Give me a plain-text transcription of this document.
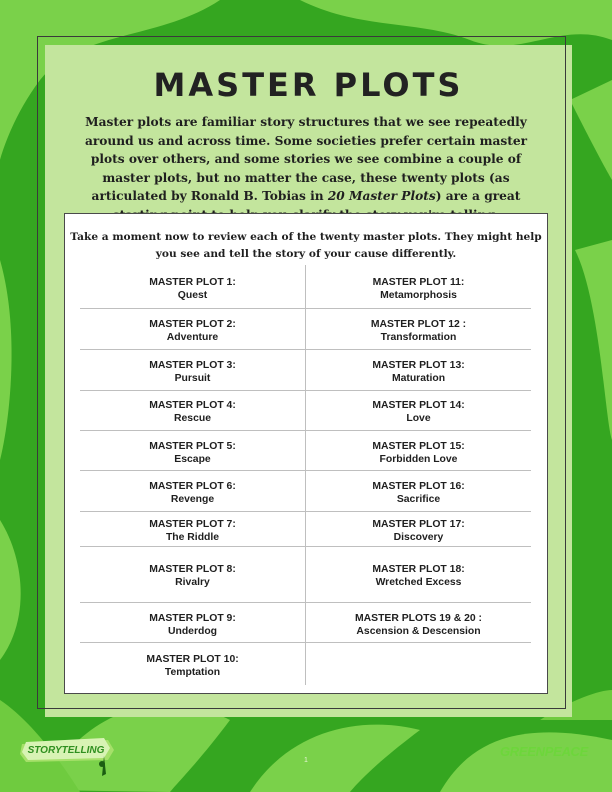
MASTER PLOTS

Master plots are familiar story structures that we see repeatedly around us and across time. Some societies prefer certain master plots over others, and some stories we see combine a couple of master plots, but no matter the case, these twenty plots (as articulated by Ronald B. Tobias in 20 Master Plots) are a great

Take a moment now to review each of the twenty master plots. They might help you see and tell the story of your cause differently.

MASTER PLOT 1:
Quest
MASTER PLOT 2:
Adventure
MASTER PLOT 3:
Pursuit
MASTER PLOT 4:
Rescue
MASTER PLOT 5:
Escape
MASTER PLOT 6:
Revenge
MASTER PLOT 7:
The Riddle
MASTER PLOT 8:
Rivalry
MASTER PLOT 9:
Underdog
MASTER PLOT 10:
Temptation
MASTER PLOT 11:
Metamorphosis
MASTER PLOT 12 :
Transformation
MASTER PLOT 13:
Maturation
MASTER PLOT 14:
Love
MASTER PLOT 15:
Forbidden Love
MASTER PLOT 16:
Sacrifice
MASTER PLOT 17:
Discovery
MASTER PLOT 18:
Wretched Excess
MASTER PLOTS 19 & 20 :
Ascension & Descension
STORYTELLING
1
GREENPEACE
